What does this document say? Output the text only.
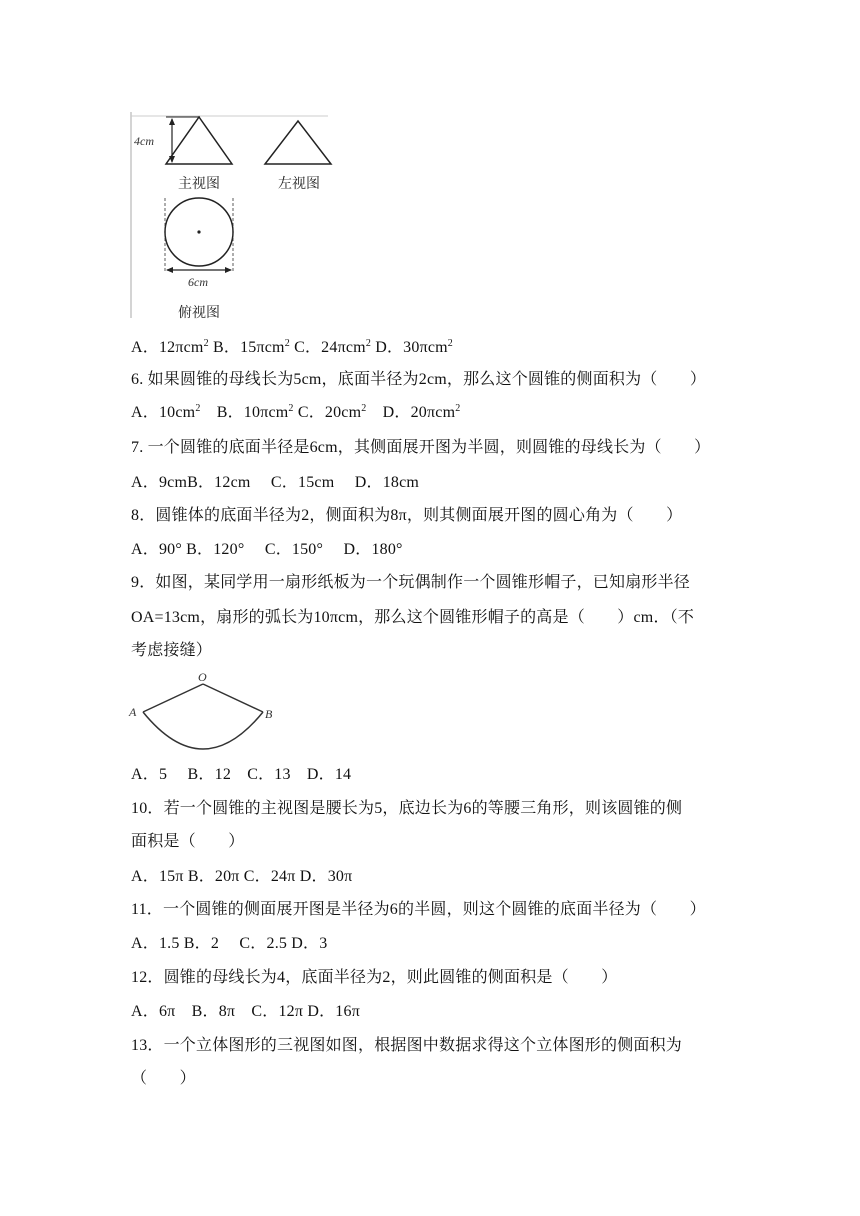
4cm
6cm
主视图	左视图
俯视图
A．12πcm$^2$ B．15πcm$^2$ C．24πcm$^2$ D．30πcm$^2$
6. 如果圆锥的母线长为5cm，底面半径为2cm，那么这个圆锥的侧面积为（　　）
A．$10cm^2$　B．10πcm$^2$ C．$20cm^2$　D．20πcm$^2$
7. 一个圆锥的底面半径是6cm，其侧面展开图为半圆，则圆锥的母线长为（　　）
A．9cmB．12cm　 C．15cm　 D．18cm
8．圆锥体的底面半径为2，侧面积为8π，则其侧面展开图的圆心角为（　　）
A．90° B．120°　 C．150°　 D．180°
9．如图，某同学用一扇形纸板为一个玩偶制作一个圆锥形帽子，已知扇形半径
OA=13cm，扇形的弧长为10πcm，那么这个圆锥形帽子的高是（　　）cm．（不
考虑接缝）
O
A	B
A．5　 B．12　C．13　D．14
10．若一个圆锥的主视图是腰长为5，底边长为6的等腰三角形，则该圆锥的侧
面积是（　　）
A．15π B．20π C．24π D．30π
11．一个圆锥的侧面展开图是半径为6的半圆，则这个圆锥的底面半径为（　　）
A．1.5 B．2　 C．2.5 D．3
12．圆锥的母线长为4，底面半径为2，则此圆锥的侧面积是（　　）
A．6π　B．8π　C．12π D．16π
13．一个立体图形的三视图如图，根据图中数据求得这个立体图形的侧面积为
（　　）
